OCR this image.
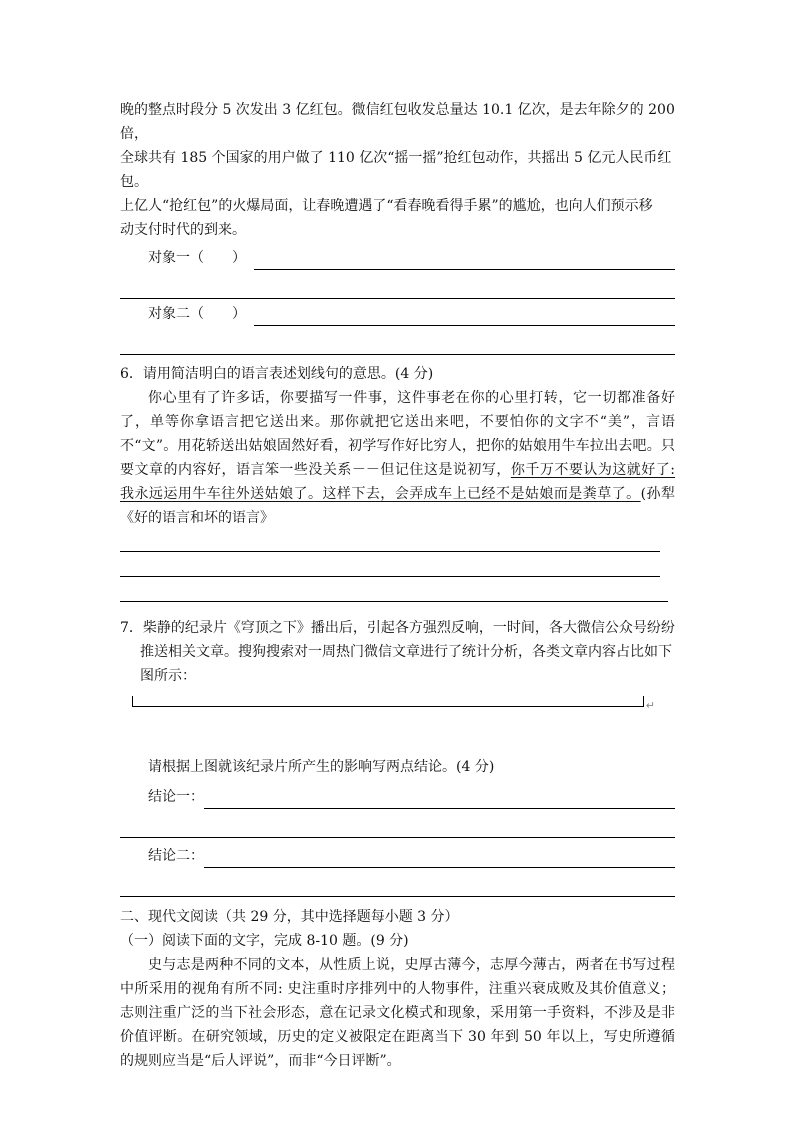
晚的整点时段分 5 次发出 3 亿红包。微信红包收发总量达 10.1 亿次，是去年除夕的 200 倍，

全球共有 185 个国家的用户做了 110 亿次“摇一摇”抢红包动作，共摇出 5 亿元人民币红包。

上亿人“抢红包”的火爆局面，让春晚遭遇了“看春晚看得手累”的尴尬，也向人们预示移

动支付时代的到来。

对象一（　　）
对象二（　　）

6．请用简洁明白的语言表述划线句的意思。(4 分)

你心里有了许多话，你要描写一件事，这件事老在你的心里打转，它一切都准备好了，单等你拿语言把它送出来。那你就把它送出来吧，不要怕你的文字不“美”，言语不“文”。用花轿送出姑娘固然好看，初学写作好比穷人，把你的姑娘用牛车拉出去吧。只要文章的内容好，语言笨一些没关系－－但记住这是说初写，你千万不要认为这就好了: 我永远运用牛车往外送姑娘了。这样下去，会弄成车上已经不是姑娘而是粪草了。(孙犁《好的语言和坏的语言》

7．柴静的纪录片《穹顶之下》播出后，引起各方强烈反响，一时间，各大微信公众号纷纷推送相关文章。搜狗搜索对一周热门微信文章进行了统计分析，各类文章内容占比如下图所示：

↵

请根据上图就该纪录片所产生的影响写两点结论。(4 分)

结论一：
结论二：

二、现代文阅读（共 29 分，其中选择题每小题 3 分）

（一）阅读下面的文字，完成 8-10 题。(9 分)

史与志是两种不同的文本，从性质上说，史厚古薄今，志厚今薄古，两者在书写过程中所采用的视角有所不同: 史注重时序排列中的人物事件，注重兴衰成败及其价值意义；志则注重广泛的当下社会形态，意在记录文化模式和现象，采用第一手资料，不涉及是非价值评断。在研究领域，历史的定义被限定在距离当下 30 年到 50 年以上，写史所遵循的规则应当是“后人评说”，而非“今日评断”。
